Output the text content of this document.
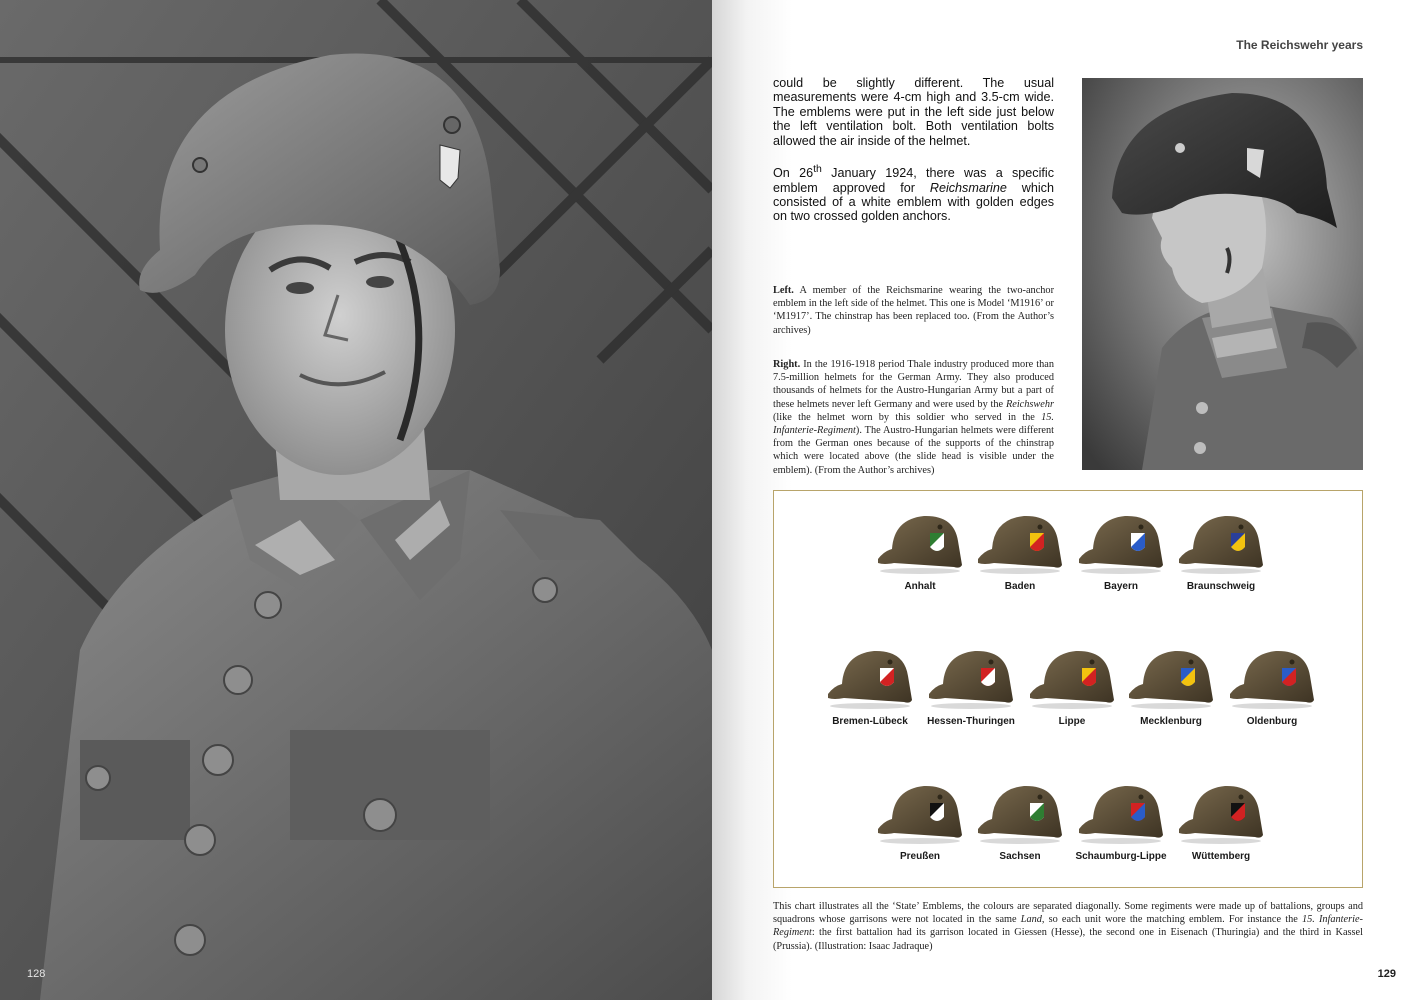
128
The Reichswehr years

could be slightly different. The usual measurements were 4-cm high and 3.5-cm wide. The emblems were put in the left side just below the left ventilation bolt. Both ventilation bolts allowed the air inside of the helmet.

On 26th January 1924, there was a specific emblem approved for Reichsmarine which consisted of a white emblem with golden edges on two crossed golden anchors.

Left. A member of the Reichsmarine wearing the two-anchor emblem in the left side of the helmet. This one is Model ‘M1916’ or ‘M1917’. The chinstrap has been replaced too. (From the Author’s archives)
Right. In the 1916-1918 period Thale industry produced more than 7.5-million helmets for the German Army. They also produced thousands of helmets for the Austro-Hungarian Army but a part of these helmets never left Germany and were used by the Reichswehr (like the helmet worn by this soldier who served in the 15. Infanterie-Regiment). The Austro-Hungarian helmets were different from the German ones because of the supports of the chinstrap which were located above (the slide head is visible under the emblem). (From the Author’s archives)
Anhalt	Baden	Bayern	Braunschweig
Bremen-Lübeck	Hessen-Thuringen	Lippe	Mecklenburg	Oldenburg
Preußen	Sachsen	Schaumburg-Lippe	Wüttemberg
This chart illustrates all the ‘State’ Emblems, the colours are separated diagonally. Some regiments were made up of battalions, groups and squadrons whose garrisons were not located in the same Land, so each unit wore the matching emblem. For instance the 15. Infanterie-Regiment: the first battalion had its garrison located in Giessen (Hesse), the second one in Eisenach (Thuringia) and the third in Kassel (Prussia). (Illustration: Isaac Jadraque)
129
